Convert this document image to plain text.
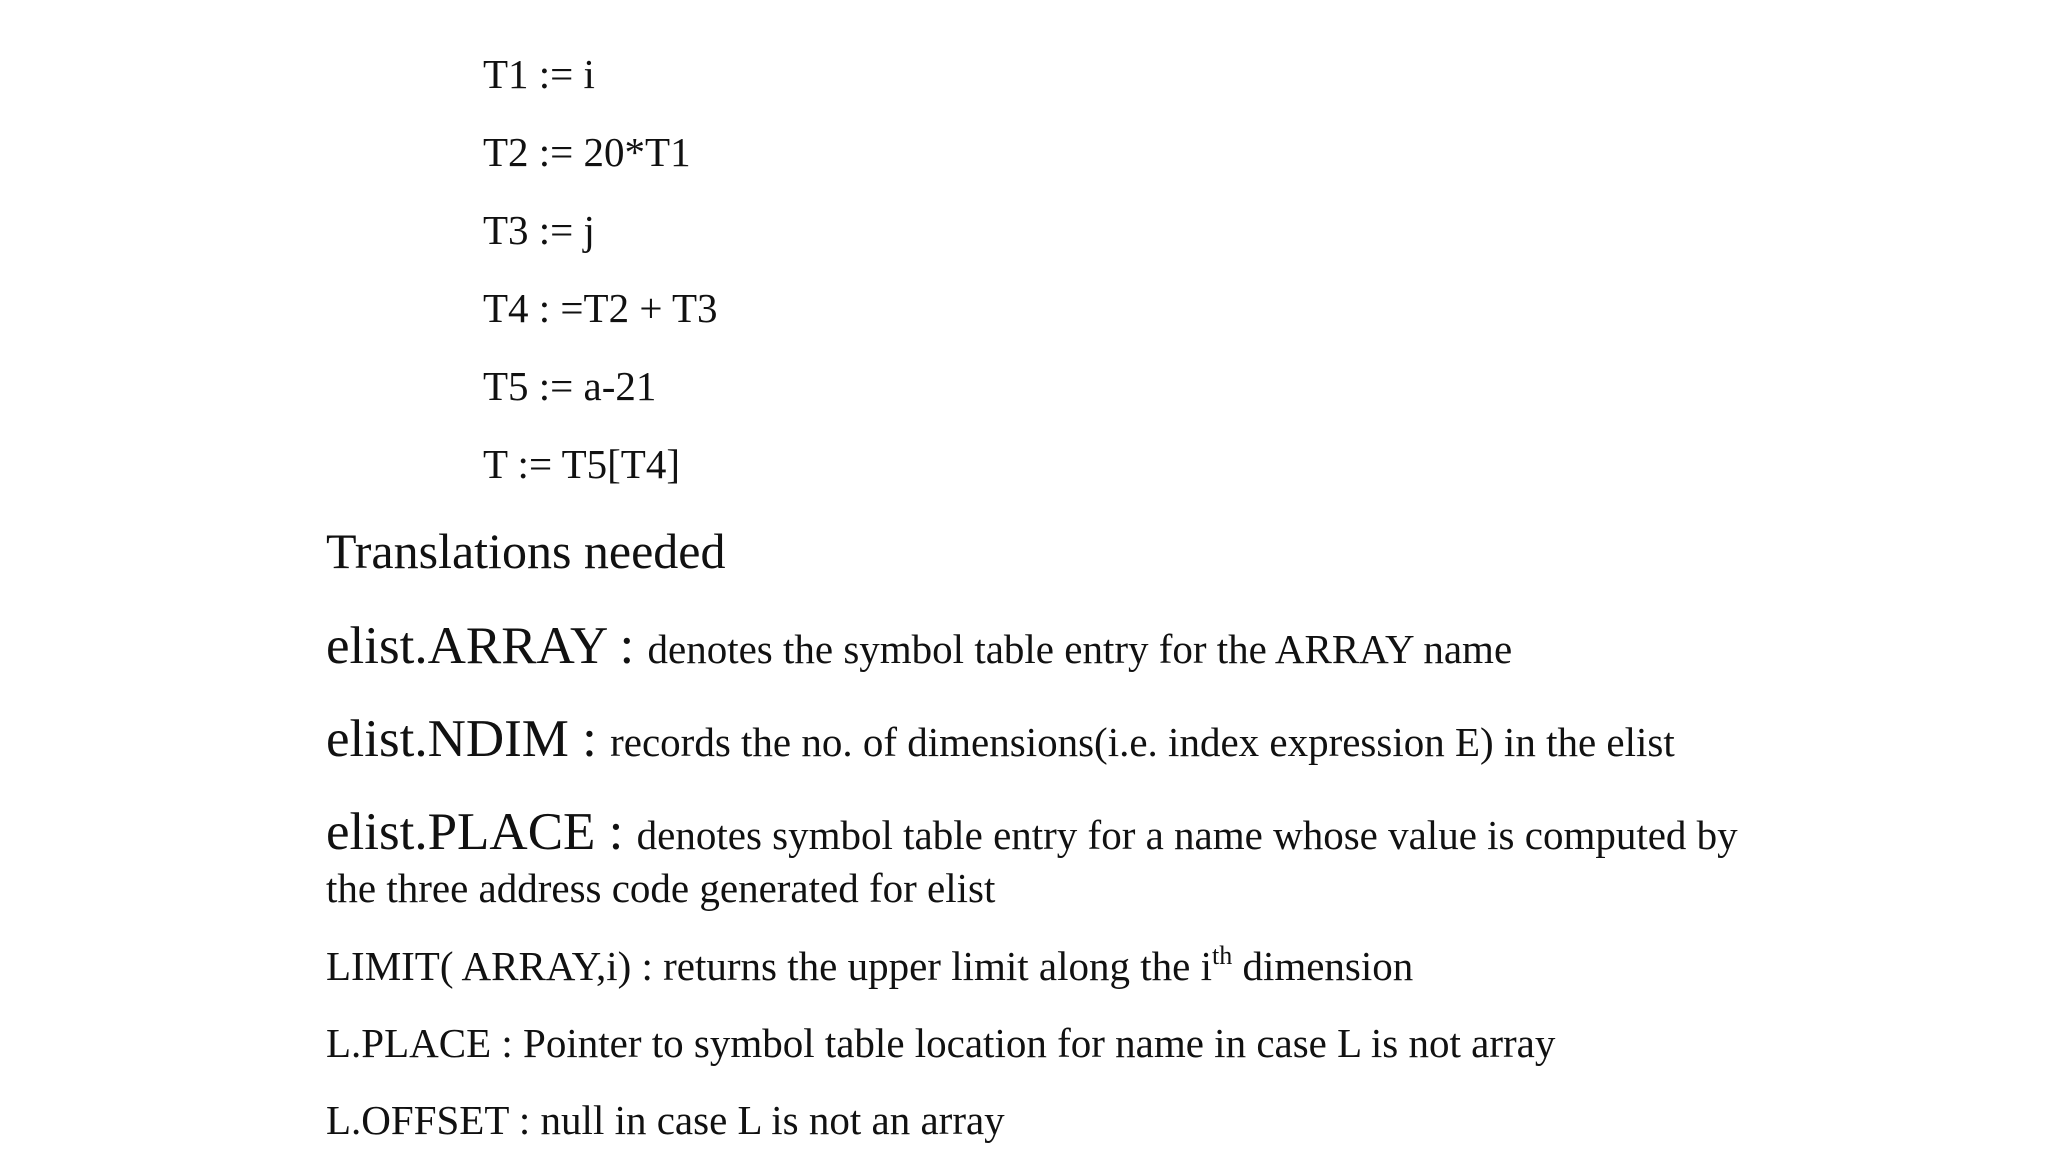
T1 := i
T2 := 20*T1
T3 := j
T4 : =T2 + T3
T5 := a-21
T := T5[T4]
Translations needed
elist.ARRAY : denotes the symbol table entry for the ARRAY name
elist.NDIM : records the no. of dimensions(i.e. index expression E) in the elist
elist.PLACE : denotes symbol table entry for a name whose value is computed by
the three address code generated for elist
LIMIT( ARRAY,i) : returns the upper limit along the $i^{th}$ dimension
L.PLACE : Pointer to symbol table location for name in case L is not array
L.OFFSET : null in case L is not an array
